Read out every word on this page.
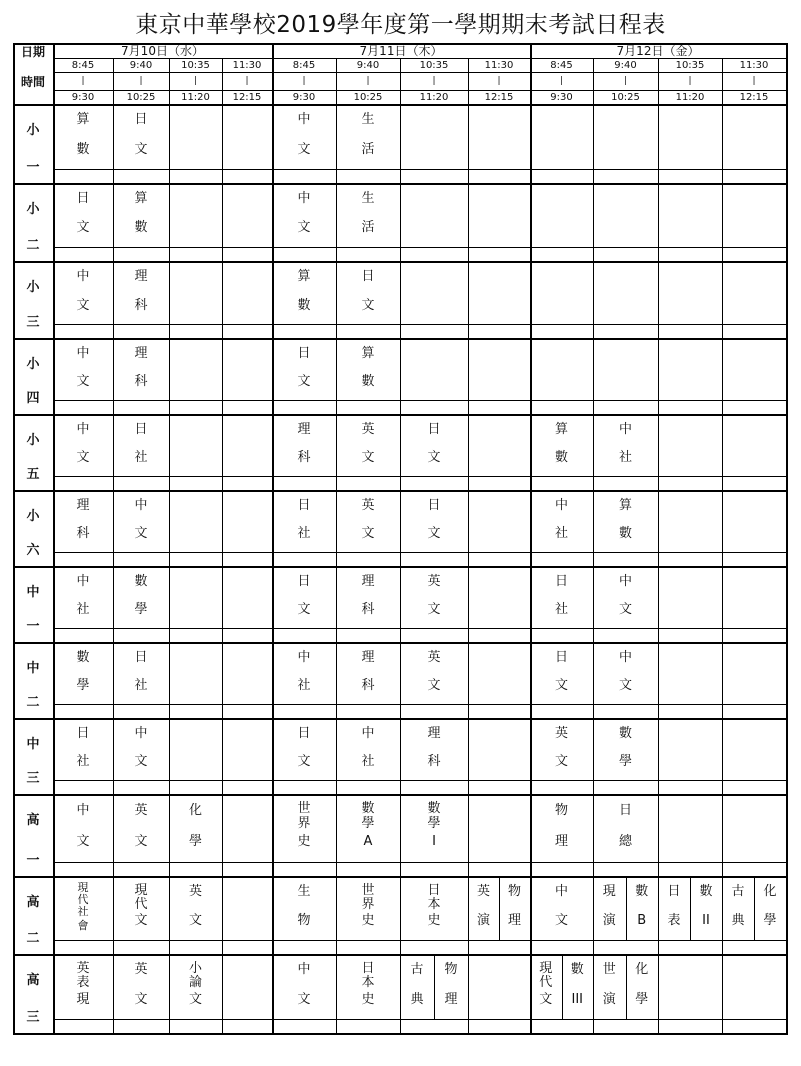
東京中華學校2019學年度第一學期期末考試日程表
日期
時間
7月10日（水）
8:45
|
9:30
9:40
|
10:25
10:35
|
11:20
11:30
|
12:15
7月11日（木）
8:45
|
9:30
9:40
|
10:25
10:35
|
11:20
11:30
|
12:15
7月12日（金）
8:45
|
9:30
9:40
|
10:25
10:35
|
11:20
11:30
|
12:15
小
一
算
數
日
文
中
文
生
活
小
二
日
文
算
數
中
文
生
活
小
三
中
文
理
科
算
數
日
文
小
四
中
文
理
科
日
文
算
數
小
五
中
文
日
社
理
科
英
文
日
文
算
數
中
社
小
六
理
科
中
文
日
社
英
文
日
文
中
社
算
數
中
一
中
社
數
學
日
文
理
科
英
文
日
社
中
文
中
二
數
學
日
社
中
社
理
科
英
文
日
文
中
文
中
三
日
社
中
文
日
文
中
社
理
科
英
文
數
學
高
一
中
文
英
文
化
學
世
界
史
數
學
A
數
學
I
物
理
日
總
高
二
現
代
社
會
現
代
文
英
文
生
物
世
界
史
日
本
史
英
演
物
理
中
文
現
演
數
B
日
表
數
II
古
典
化
學
高
三
英
表
現
英
文
小
論
文
中
文
日
本
史
古
典
物
理
現
代
文
數
III
世
演
化
學
